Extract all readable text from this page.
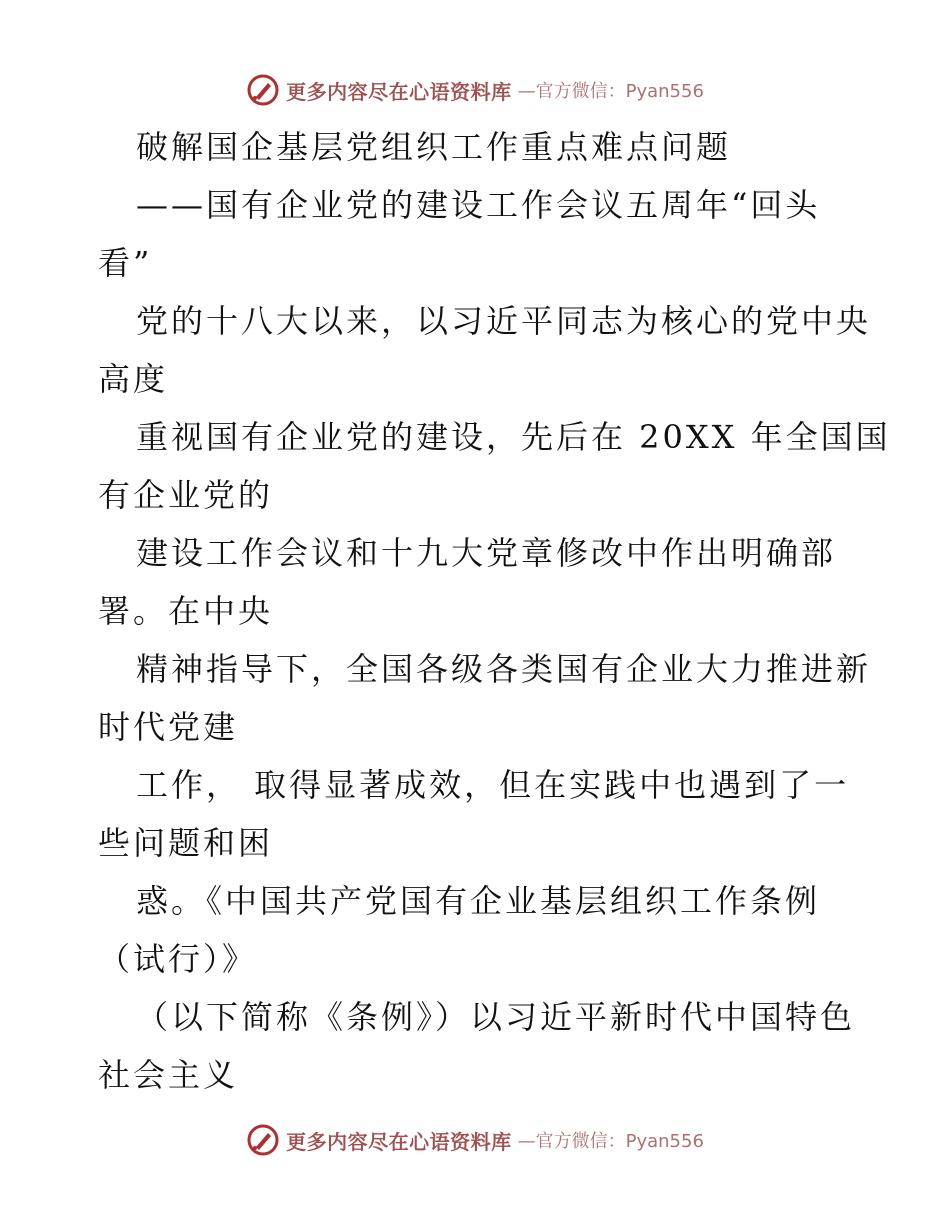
更多内容尽在心语资料库 —官方微信：Pyan556
破解国企基层党组织工作重点难点问题
——国有企业党的建设工作会议五周年“回头
看”
党的十八大以来，以习近平同志为核心的党中央
高度
重视国有企业党的建设，先后在 20XX 年全国国
有企业党的
建设工作会议和十九大党章修改中作出明确部
署。在中央
精神指导下，全国各级各类国有企业大力推进新
时代党建
工作， 取得显著成效，但在实践中也遇到了一
些问题和困
惑。《中国共产党国有企业基层组织工作条例
（试行）》
（以下简称《条例》）以习近平新时代中国特色
社会主义
更多内容尽在心语资料库 —官方微信：Pyan556
